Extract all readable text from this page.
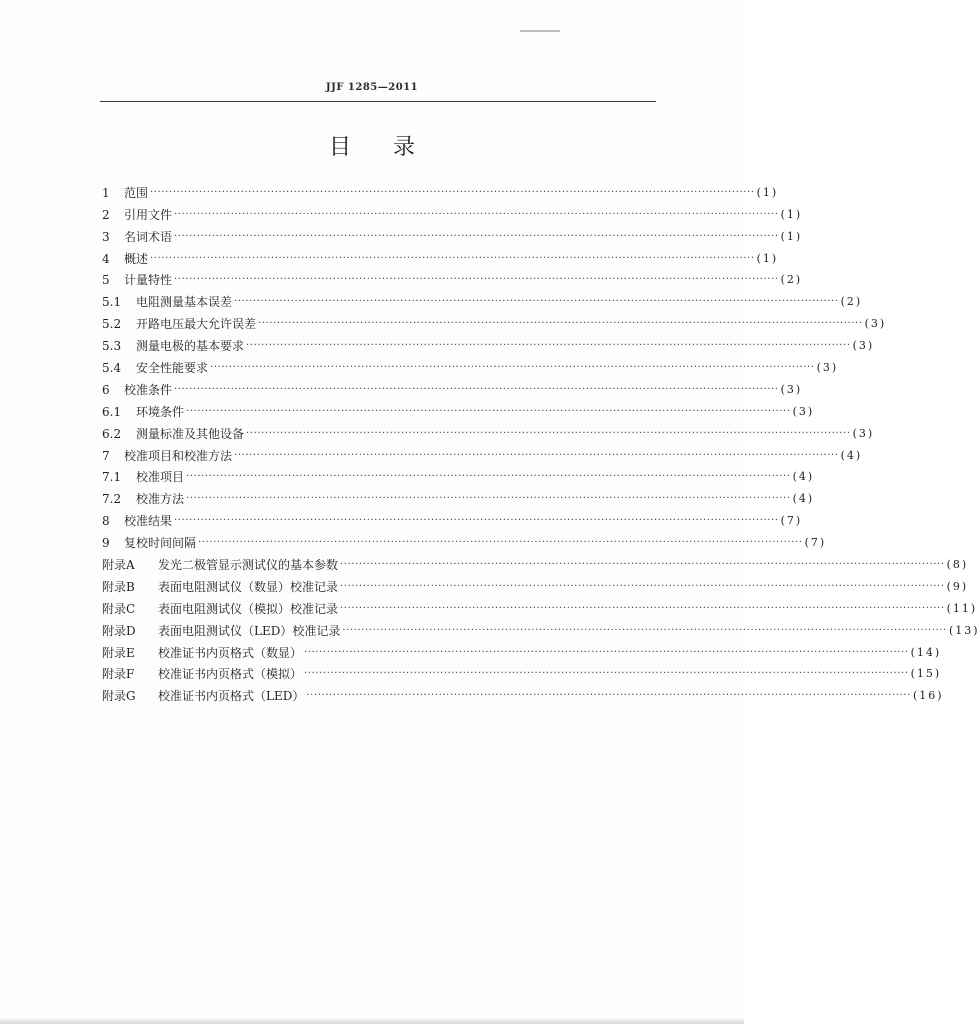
JJF 1285—2011
目录
1	范围 ································································································································································ (1)
2	引用文件 ································································································································································ (1)
3	名词术语 ································································································································································ (1)
4	概述 ································································································································································ (1)
5	计量特性 ································································································································································ (2)
5.1	电阻测量基本误差 ································································································································································ (2)
5.2	开路电压最大允许误差 ································································································································································ (3)
5.3	测量电极的基本要求 ································································································································································ (3)
5.4	安全性能要求 ································································································································································ (3)
6	校准条件 ································································································································································ (3)
6.1	环境条件 ································································································································································ (3)
6.2	测量标准及其他设备 ································································································································································ (3)
7	校准项目和校准方法 ································································································································································ (4)
7.1	校准项目 ································································································································································ (4)
7.2	校准方法 ································································································································································ (4)
8	校准结果 ································································································································································ (7)
9	复校时间间隔 ································································································································································ (7)
附录A	发光二极管显示测试仪的基本参数 ································································································································································ (8)
附录B	表面电阻测试仪（数显）校准记录 ································································································································································ (9)
附录C	表面电阻测试仪（模拟）校准记录 ································································································································································ (11)
附录D	表面电阻测试仪（LED）校准记录 ································································································································································ (13)
附录E	校准证书内页格式（数显） ································································································································································ (14)
附录F	校准证书内页格式（模拟） ································································································································································ (15)
附录G	校准证书内页格式（LED） ································································································································································ (16)
